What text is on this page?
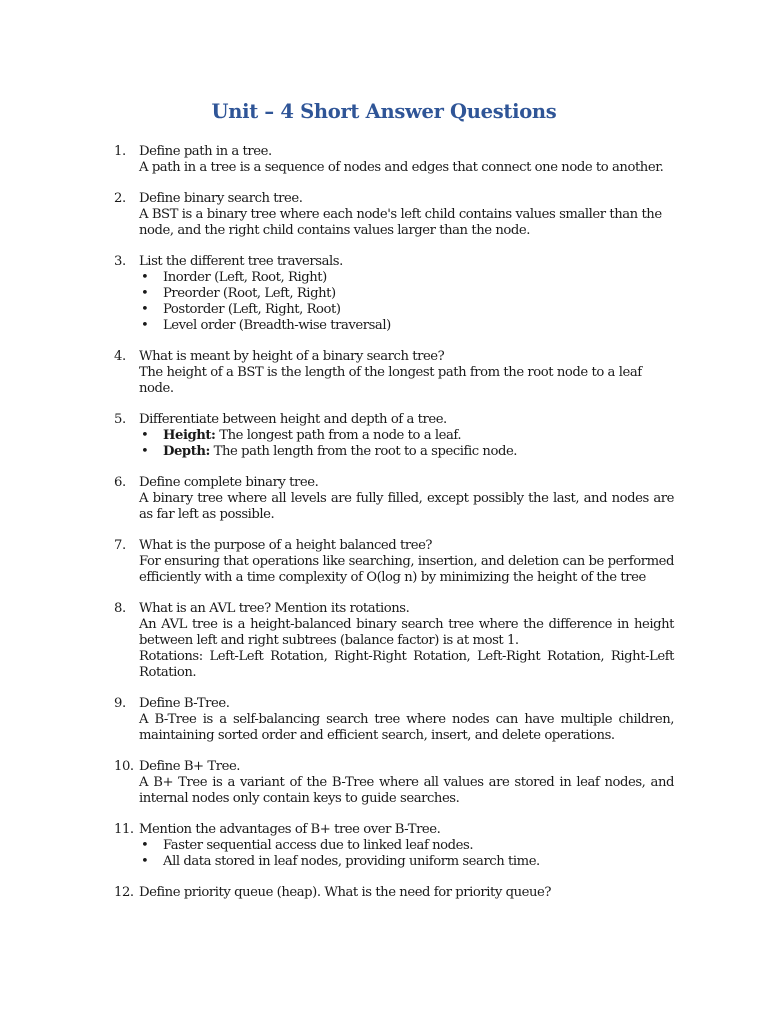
Unit – 4 Short Answer Questions
1. Define path in a tree.
A path in a tree is a sequence of nodes and edges that connect one node to another.
2. Define binary search tree.
A BST is a binary tree where each node's left child contains values smaller than the node, and the right child contains values larger than the node.
3. List the different tree traversals.
• Inorder (Left, Root, Right)
• Preorder (Root, Left, Right)
• Postorder (Left, Right, Root)
• Level order (Breadth-wise traversal)
4. What is meant by height of a binary search tree?
The height of a BST is the length of the longest path from the root node to a leaf node.
5. Differentiate between height and depth of a tree.
• Height: The longest path from a node to a leaf.
• Depth: The path length from the root to a specific node.
6. Define complete binary tree.
A binary tree where all levels are fully filled, except possibly the last, and nodes are as far left as possible.
7. What is the purpose of a height balanced tree?
For ensuring that operations like searching, insertion, and deletion can be performed efficiently with a time complexity of O(log n) by minimizing the height of the tree
8. What is an AVL tree? Mention its rotations.
An AVL tree is a height-balanced binary search tree where the difference in height between left and right subtrees (balance factor) is at most 1.
Rotations: Left-Left Rotation, Right-Right Rotation, Left-Right Rotation, Right-Left Rotation.
9. Define B-Tree.
A B-Tree is a self-balancing search tree where nodes can have multiple children, maintaining sorted order and efficient search, insert, and delete operations.
10. Define B+ Tree.
A B+ Tree is a variant of the B-Tree where all values are stored in leaf nodes, and internal nodes only contain keys to guide searches.
11. Mention the advantages of B+ tree over B-Tree.
• Faster sequential access due to linked leaf nodes.
• All data stored in leaf nodes, providing uniform search time.
12. Define priority queue (heap). What is the need for priority queue?
